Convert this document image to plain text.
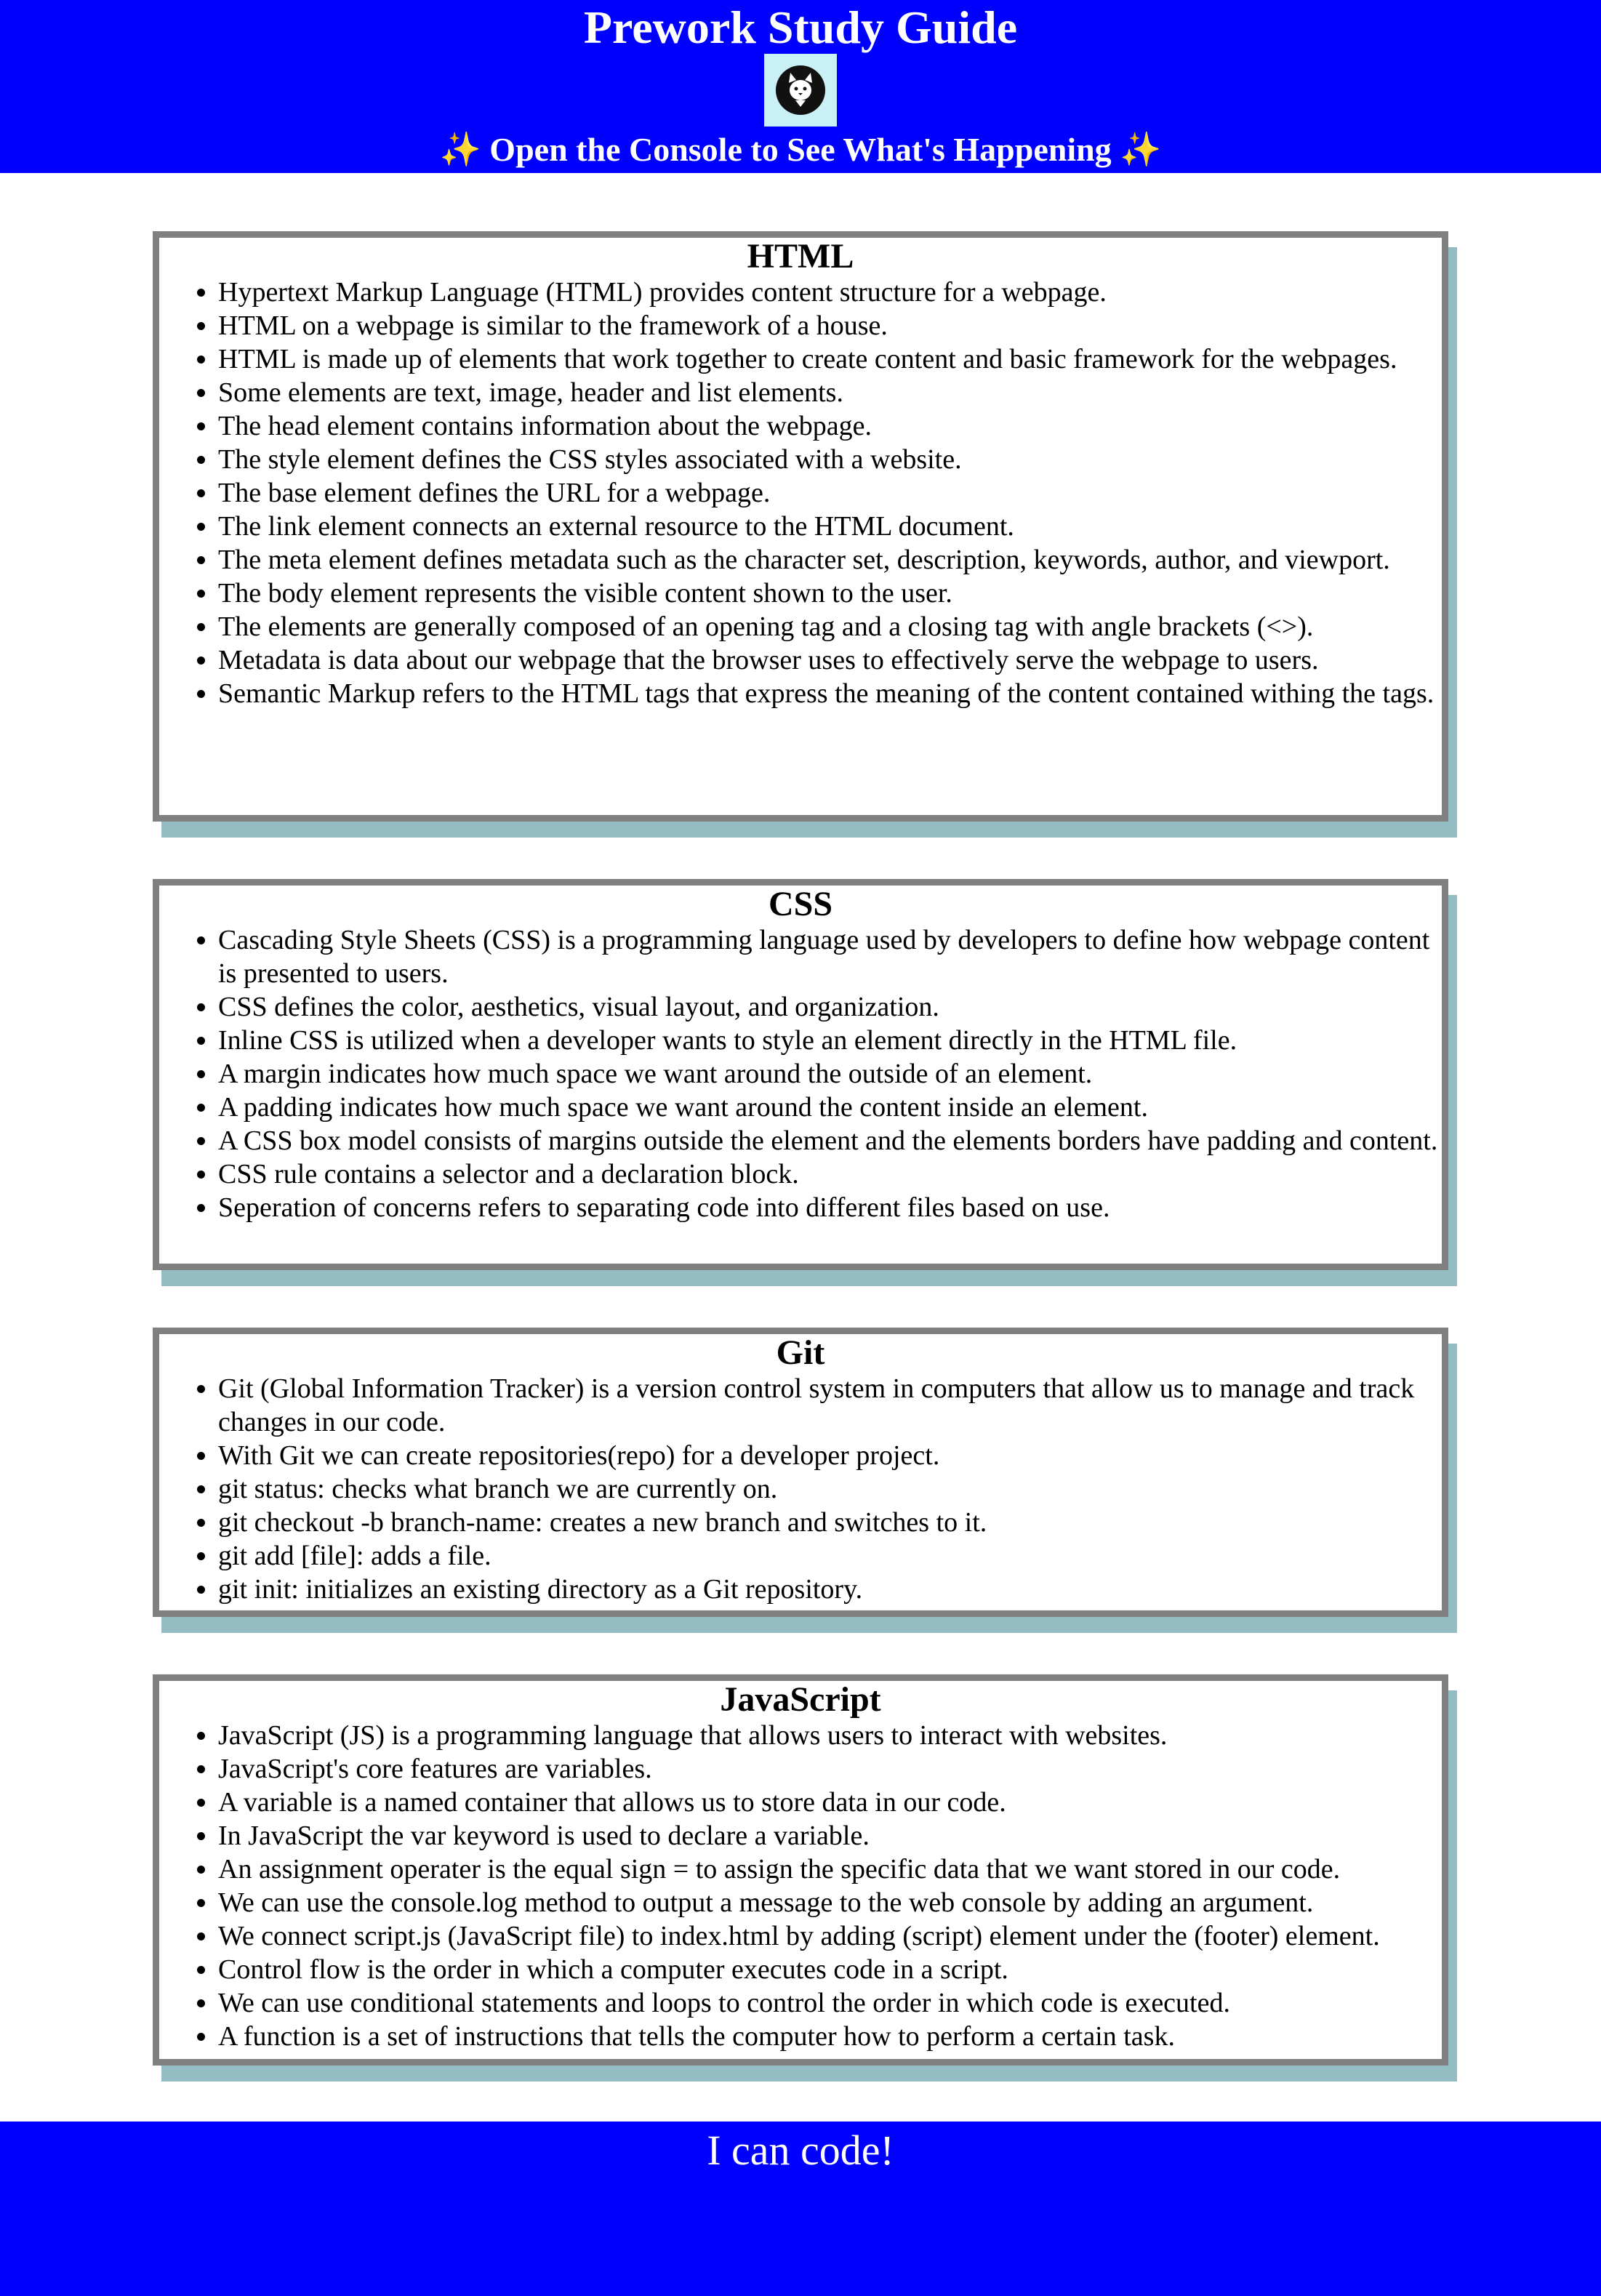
Prework Study Guide
✨ Open the Console to See What's Happening ✨
HTML
• Hypertext Markup Language (HTML) provides content structure for a webpage.
• HTML on a webpage is similar to the framework of a house.
• HTML is made up of elements that work together to create content and basic framework for the webpages.
• Some elements are text, image, header and list elements.
• The head element contains information about the webpage.
• The style element defines the CSS styles associated with a website.
• The base element defines the URL for a webpage.
• The link element connects an external resource to the HTML document.
• The meta element defines metadata such as the character set, description, keywords, author, and viewport.
• The body element represents the visible content shown to the user.
• The elements are generally composed of an opening tag and a closing tag with angle brackets (<>).
• Metadata is data about our webpage that the browser uses to effectively serve the webpage to users.
• Semantic Markup refers to the HTML tags that express the meaning of the content contained withing the tags.
CSS
• Cascading Style Sheets (CSS) is a programming language used by developers to define how webpage content is presented to users.
• CSS defines the color, aesthetics, visual layout, and organization.
• Inline CSS is utilized when a developer wants to style an element directly in the HTML file.
• A margin indicates how much space we want around the outside of an element.
• A padding indicates how much space we want around the content inside an element.
• A CSS box model consists of margins outside the element and the elements borders have padding and content.
• CSS rule contains a selector and a declaration block.
• Seperation of concerns refers to separating code into different files based on use.
Git
• Git (Global Information Tracker) is a version control system in computers that allow us to manage and track changes in our code.
• With Git we can create repositories(repo) for a developer project.
• git status: checks what branch we are currently on.
• git checkout -b branch-name: creates a new branch and switches to it.
• git add [file]: adds a file.
• git init: initializes an existing directory as a Git repository.
JavaScript
• JavaScript (JS) is a programming language that allows users to interact with websites.
• JavaScript's core features are variables.
• A variable is a named container that allows us to store data in our code.
• In JavaScript the var keyword is used to declare a variable.
• An assignment operater is the equal sign = to assign the specific data that we want stored in our code.
• We can use the console.log method to output a message to the web console by adding an argument.
• We connect script.js (JavaScript file) to index.html by adding (script) element under the (footer) element.
• Control flow is the order in which a computer executes code in a script.
• We can use conditional statements and loops to control the order in which code is executed.
• A function is a set of instructions that tells the computer how to perform a certain task.

I can code!
